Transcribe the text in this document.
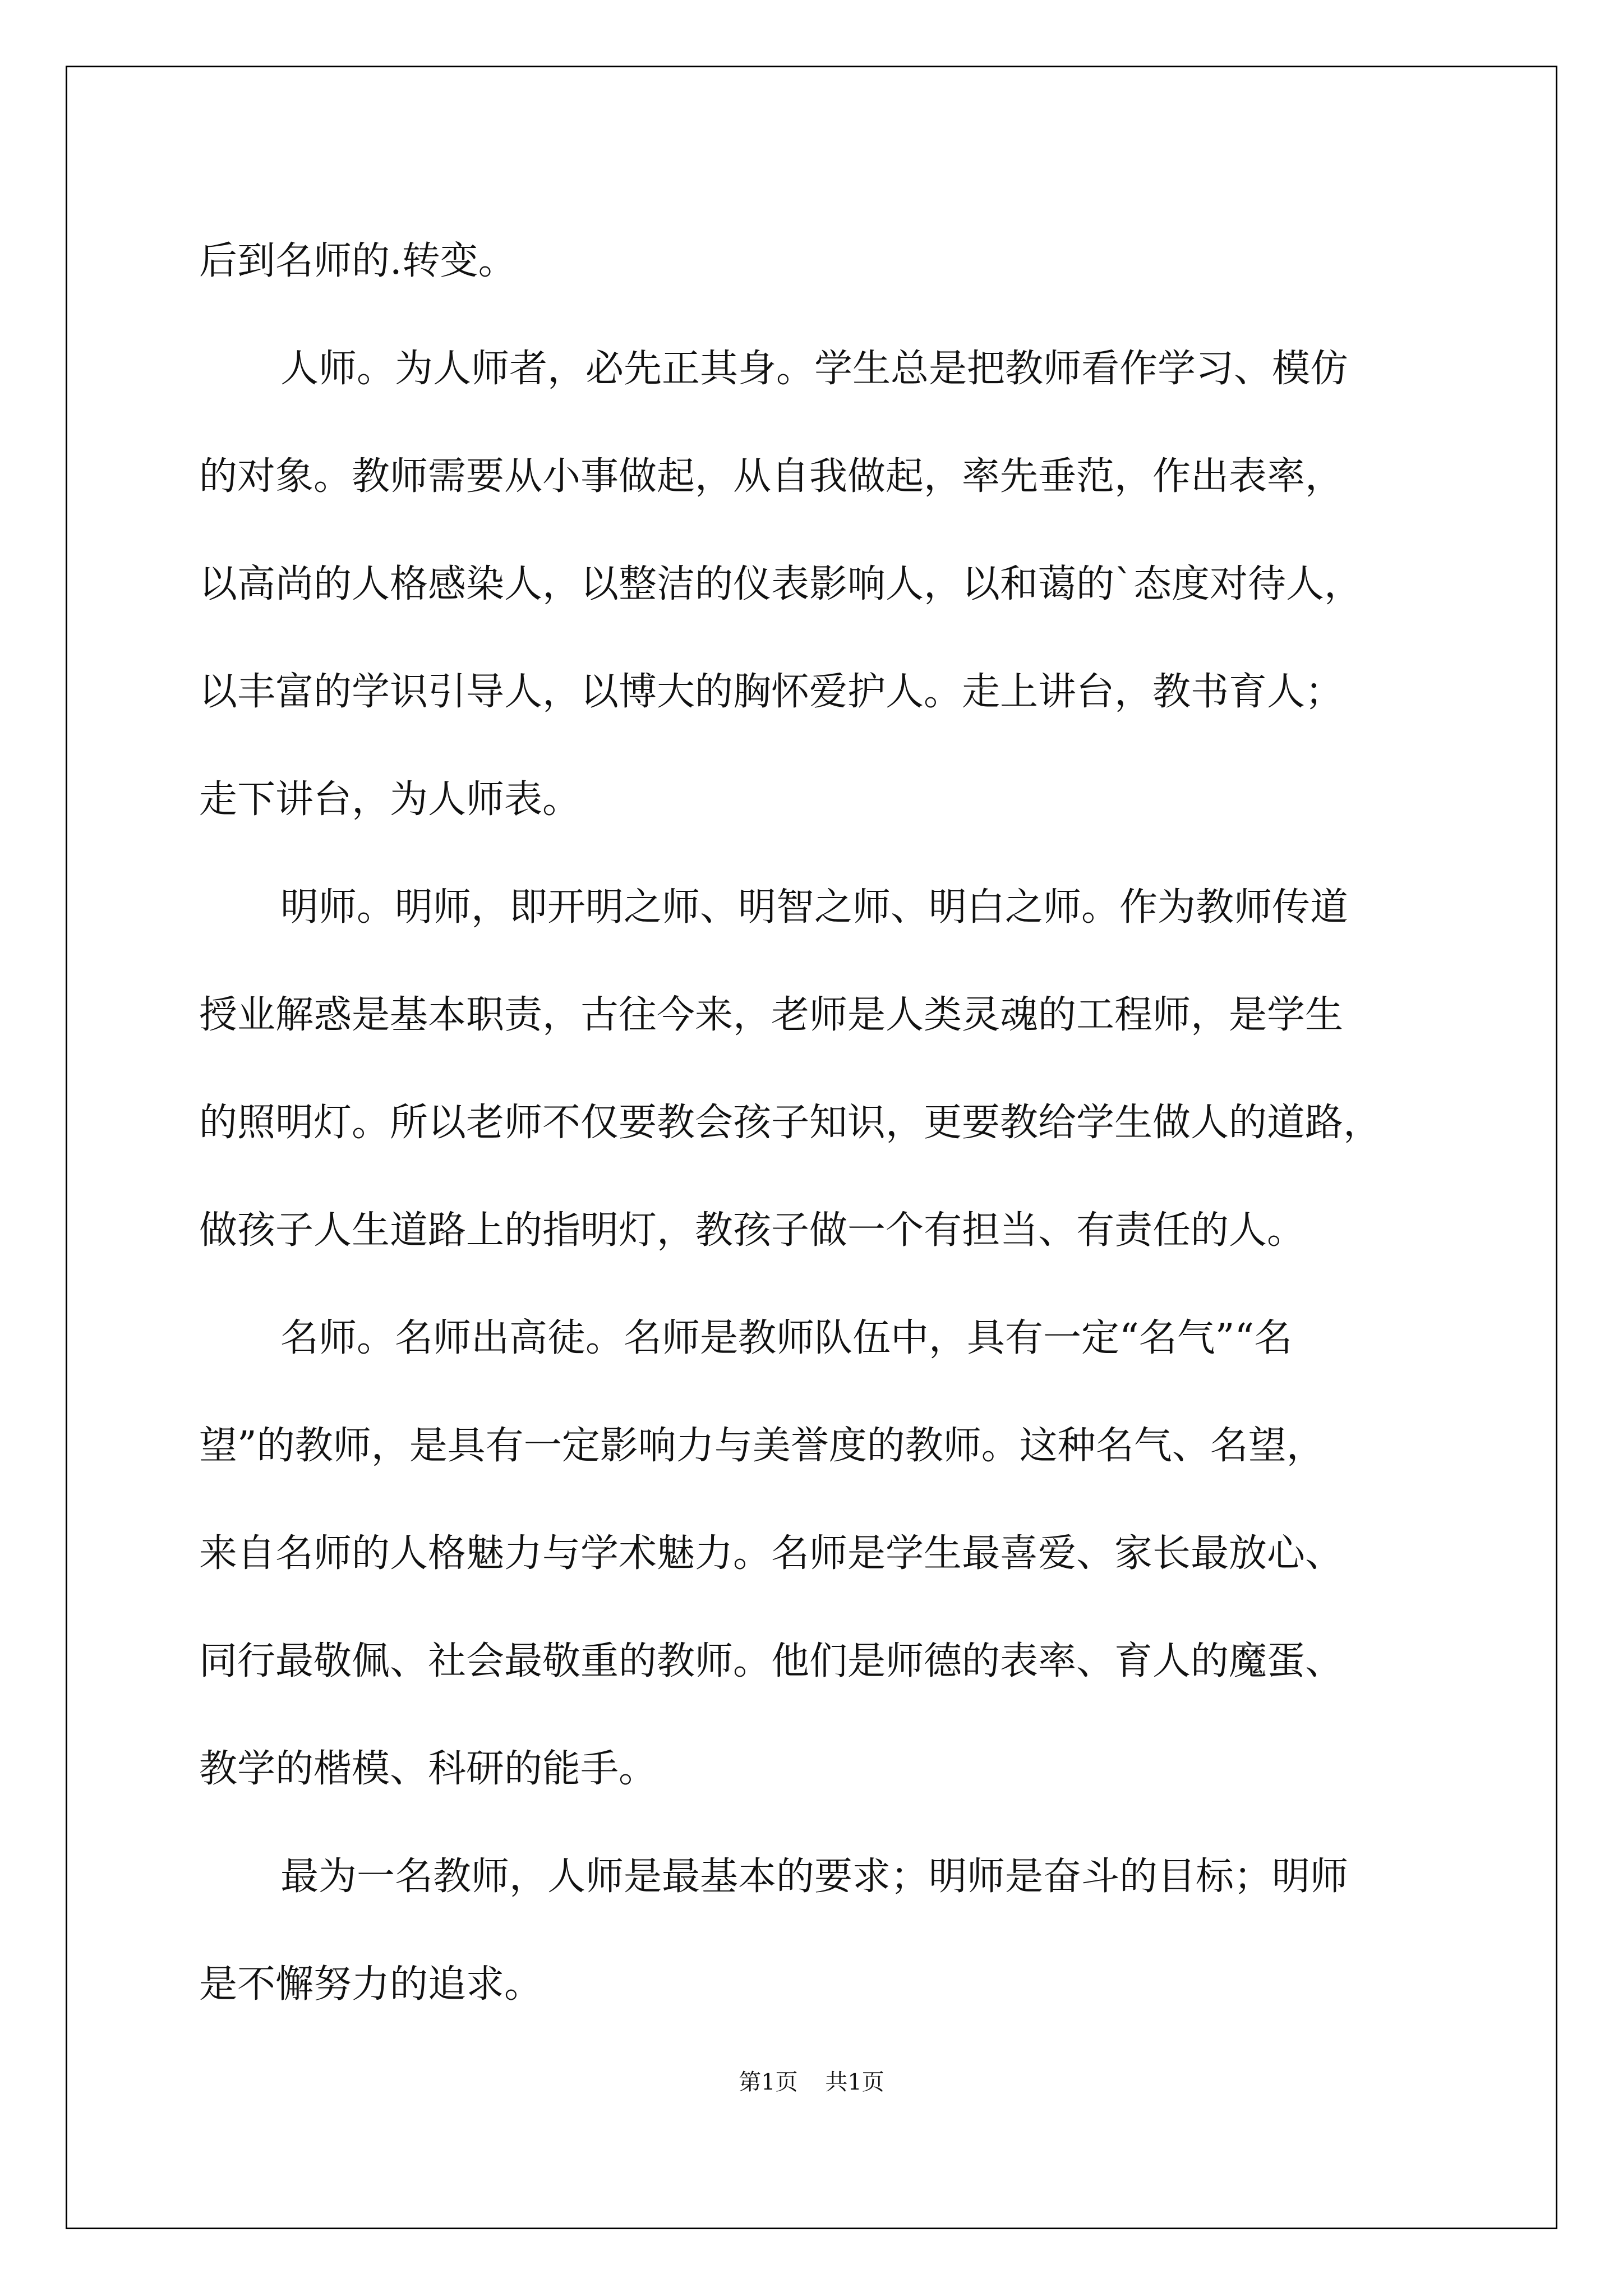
后到名师的.转变。
人师。为人师者，必先正其身。学生总是把教师看作学习、模仿
的对象。教师需要从小事做起，从自我做起，率先垂范，作出表率，
以高尚的人格感染人，以整洁的仪表影响人，以和蔼的`态度对待人，
以丰富的学识引导人，以博大的胸怀爱护人。走上讲台，教书育人；
走下讲台，为人师表。
明师。明师，即开明之师、明智之师、明白之师。作为教师传道
授业解惑是基本职责，古往今来，老师是人类灵魂的工程师，是学生
的照明灯。所以老师不仅要教会孩子知识，更要教给学生做人的道路，
做孩子人生道路上的指明灯，教孩子做一个有担当、有责任的人。
名师。名师出高徒。名师是教师队伍中，具有一定“名气”“名
望”的教师，是具有一定影响力与美誉度的教师。这种名气、名望，
来自名师的人格魅力与学术魅力。名师是学生最喜爱、家长最放心、
同行最敬佩、社会最敬重的教师。他们是师德的表率、育人的魔蛋、
教学的楷模、科研的能手。
最为一名教师，人师是最基本的要求；明师是奋斗的目标；明师
是不懈努力的追求。
第1页 共1页
